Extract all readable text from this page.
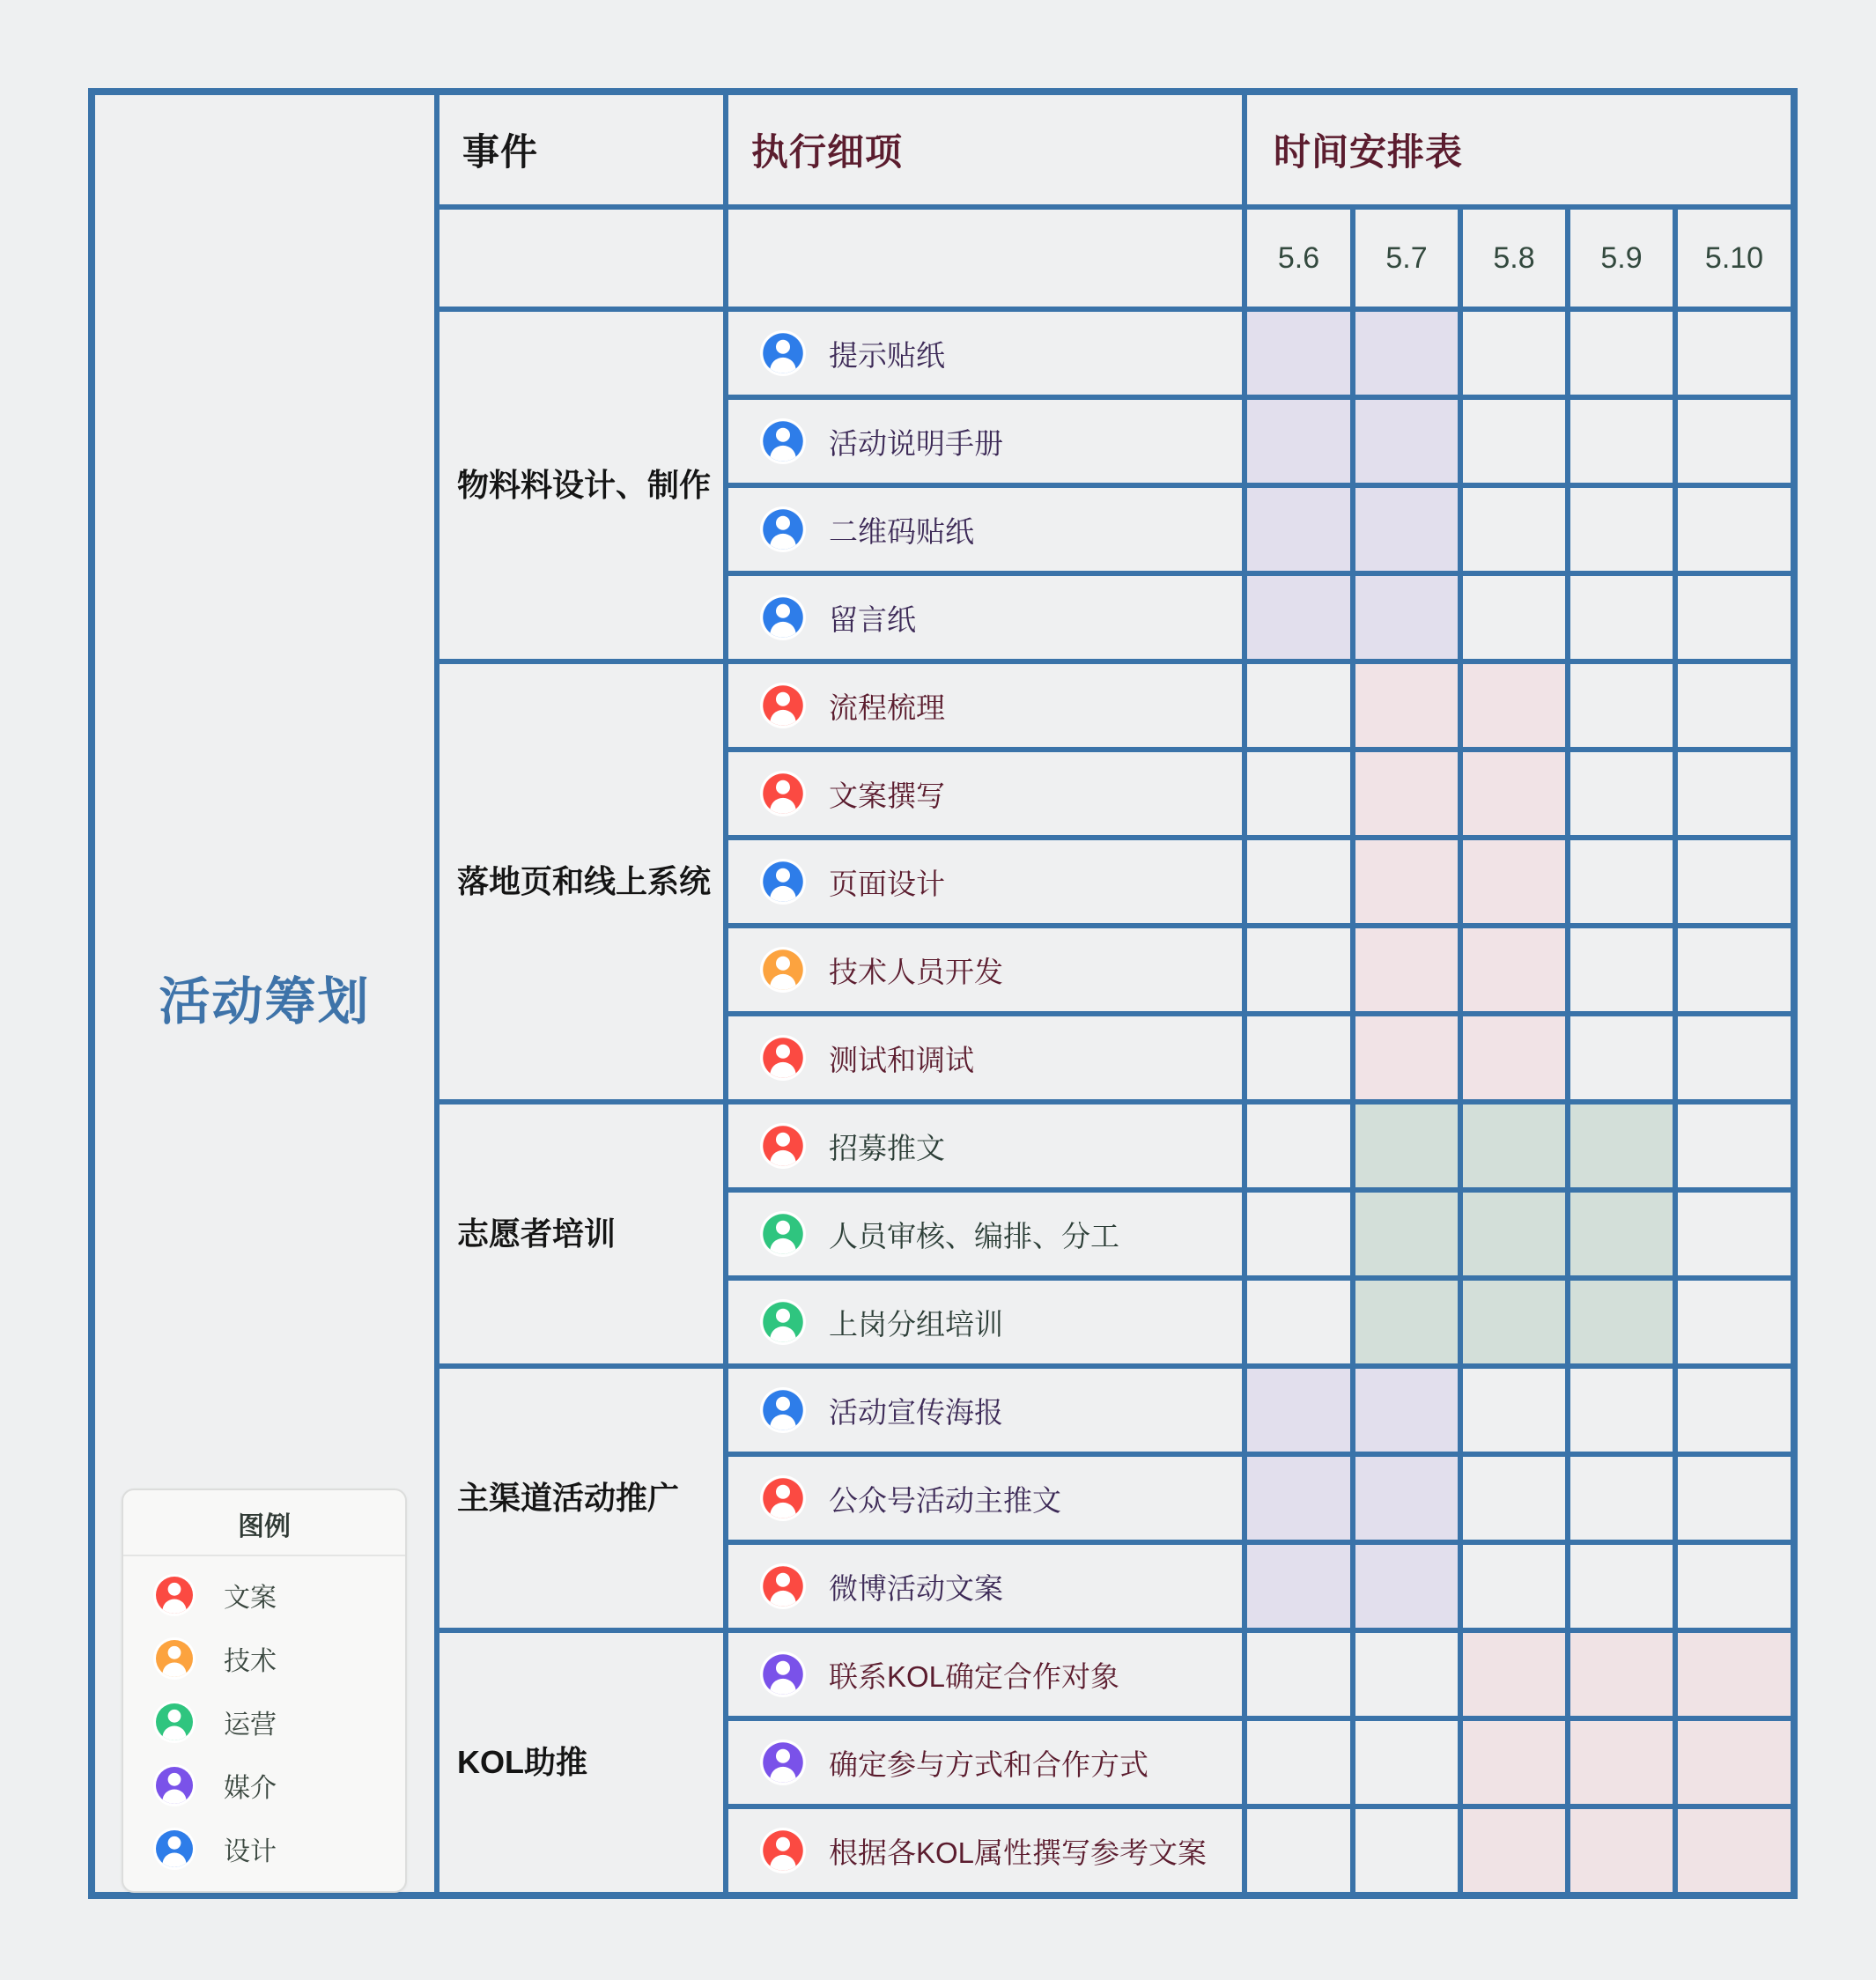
活动筹划
图例
文案
技术
运营
媒介
设计
事件	执行细项	时间安排表
5.6 5.7 5.8 5.9 5.10
物料料设计、制作
提示贴纸
活动说明手册
二维码贴纸
留言纸
落地页和线上系统
流程梳理
文案撰写
页面设计
技术人员开发
测试和调试
志愿者培训
招募推文
人员审核、编排、分工
上岗分组培训
主渠道活动推广
活动宣传海报
公众号活动主推文
微博活动文案
KOL助推
联系KOL确定合作对象
确定参与方式和合作方式
根据各KOL属性撰写参考文案
